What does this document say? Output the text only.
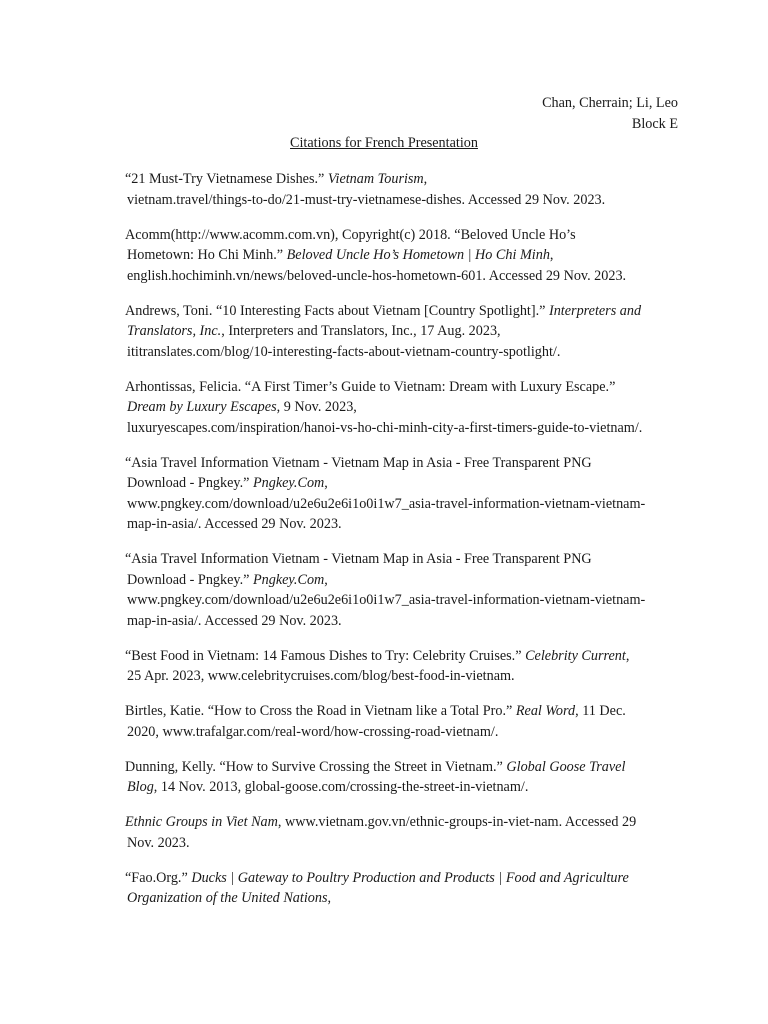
Chan, Cherrain; Li, Leo
Block E
Citations for French Presentation
“21 Must-Try Vietnamese Dishes.” Vietnam Tourism,
vietnam.travel/things-to-do/21-must-try-vietnamese-dishes. Accessed 29 Nov. 2023.
Acomm(http://www.acomm.com.vn), Copyright(c) 2018. “Beloved Uncle Ho’s
Hometown: Ho Chi Minh.” Beloved Uncle Ho’s Hometown | Ho Chi Minh,
english.hochiminh.vn/news/beloved-uncle-hos-hometown-601. Accessed 29 Nov. 2023.
Andrews, Toni. “10 Interesting Facts about Vietnam [Country Spotlight].” Interpreters and
Translators, Inc., Interpreters and Translators, Inc., 17 Aug. 2023,
ititranslates.com/blog/10-interesting-facts-about-vietnam-country-spotlight/.
Arhontissas, Felicia. “A First Timer’s Guide to Vietnam: Dream with Luxury Escape.”
Dream by Luxury Escapes, 9 Nov. 2023,
luxuryescapes.com/inspiration/hanoi-vs-ho-chi-minh-city-a-first-timers-guide-to-vietnam/.
“Asia Travel Information Vietnam - Vietnam Map in Asia - Free Transparent PNG
Download - Pngkey.” Pngkey.Com,
www.pngkey.com/download/u2e6u2e6i1o0i1w7_asia-travel-information-vietnam-vietnam-
map-in-asia/. Accessed 29 Nov. 2023.
“Asia Travel Information Vietnam - Vietnam Map in Asia - Free Transparent PNG
Download - Pngkey.” Pngkey.Com,
www.pngkey.com/download/u2e6u2e6i1o0i1w7_asia-travel-information-vietnam-vietnam-
map-in-asia/. Accessed 29 Nov. 2023.
“Best Food in Vietnam: 14 Famous Dishes to Try: Celebrity Cruises.” Celebrity Current,
25 Apr. 2023, www.celebritycruises.com/blog/best-food-in-vietnam.
Birtles, Katie. “How to Cross the Road in Vietnam like a Total Pro.” Real Word, 11 Dec.
2020, www.trafalgar.com/real-word/how-crossing-road-vietnam/.
Dunning, Kelly. “How to Survive Crossing the Street in Vietnam.” Global Goose Travel
Blog, 14 Nov. 2013, global-goose.com/crossing-the-street-in-vietnam/.
Ethnic Groups in Viet Nam, www.vietnam.gov.vn/ethnic-groups-in-viet-nam. Accessed 29
Nov. 2023.
“Fao.Org.” Ducks | Gateway to Poultry Production and Products | Food and Agriculture
Organization of the United Nations,
